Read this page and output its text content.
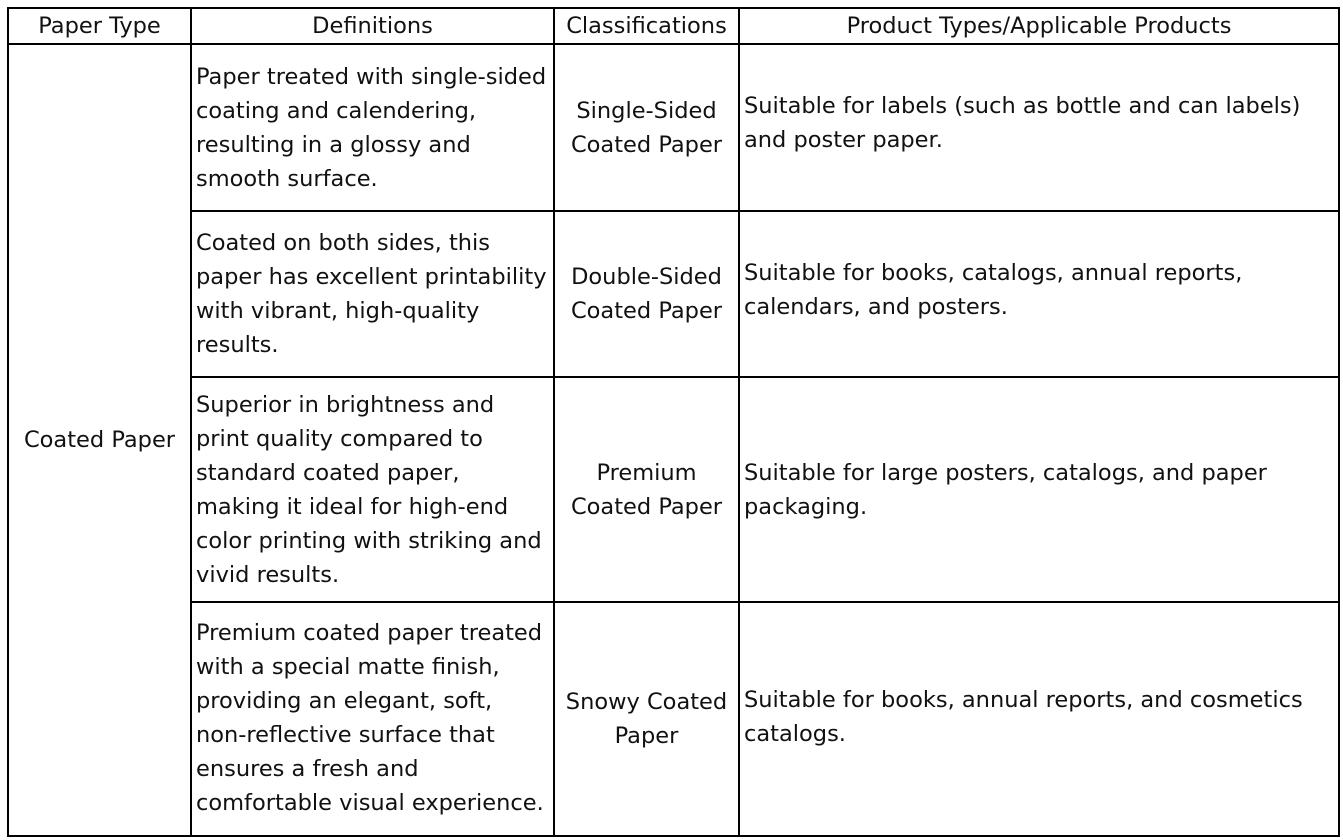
Paper Type	Definitions	Classifications	Product Types/Applicable Products
Coated Paper	Paper treated with single-sided coating and calendering, resulting in a glossy and smooth surface.	Single-Sided Coated Paper	Suitable for labels (such as bottle and can labels) and poster paper.

	Coated on both sides, this paper has excellent printability with vibrant, high-quality results.	Double-Sided Coated Paper	Suitable for books, catalogs, annual reports, calendars, and posters.

	Superior in brightness and print quality compared to standard coated paper, making it ideal for high-end color printing with striking and vivid results.	Premium Coated Paper	Suitable for large posters, catalogs, and paper packaging.

	Premium coated paper treated with a special matte finish, providing an elegant, soft, non-reflective surface that ensures a fresh and comfortable visual experience.	Snowy Coated Paper	Suitable for books, annual reports, and cosmetics catalogs.
